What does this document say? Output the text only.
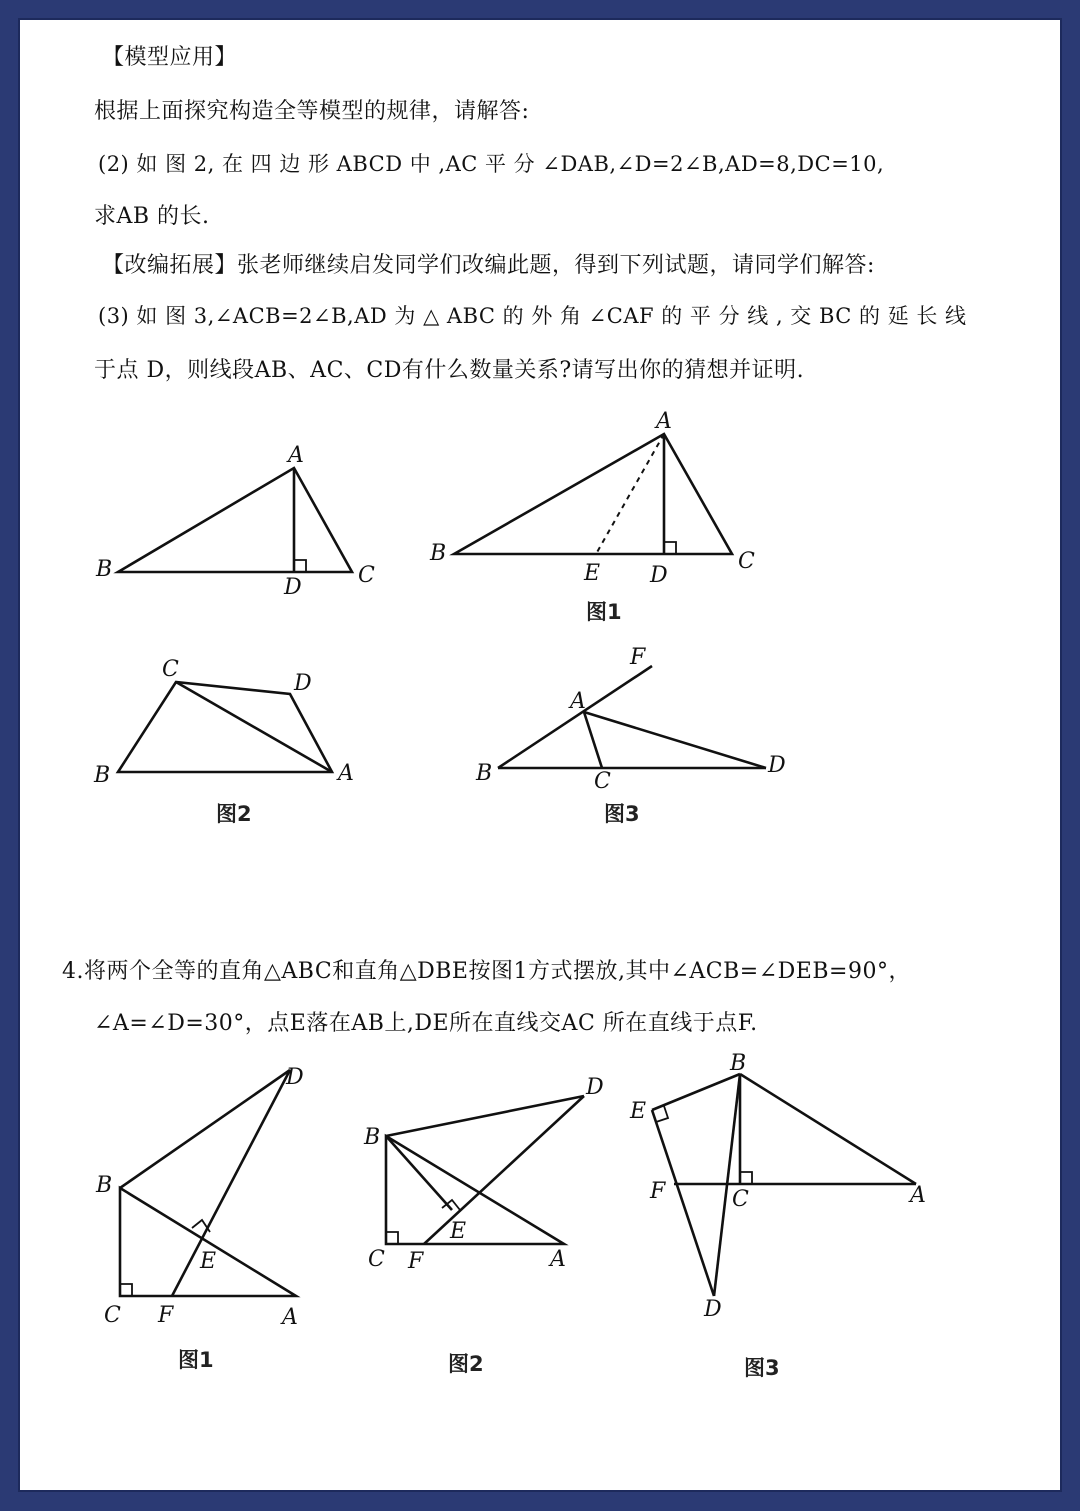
【模型应用】
根据上面探究构造全等模型的规律，请解答:
(2) 如 图 2, 在 四 边 形 ABCD 中 ,AC 平 分 ∠DAB,∠D=2∠B,AD=8,DC=10,
求AB 的长.
【改编拓展】张老师继续启发同学们改编此题，得到下列试题，请同学们解答:
(3) 如 图 3,∠ACB=2∠B,AD 为 △ ABC 的 外 角 ∠CAF 的 平 分 线 , 交 BC 的 延 长 线
于点 D，则线段AB、AC、CD有什么数量关系?请写出你的猜想并证明.
A
B	C
D
A
B	C
D
E
图1
C
D
B	A
图2
F
A
B	C
D
图3
4.将两个全等的直角△ABC和直角△DBE按图1方式摆放,其中∠ACB=∠DEB=90°，
∠A=∠D=30°，点E落在AB上,DE所在直线交AC 所在直线于点F.
D
B
E
C F	A
图1
D
B
E
C F	A
图2
B
E
F	C	A
D
图3
